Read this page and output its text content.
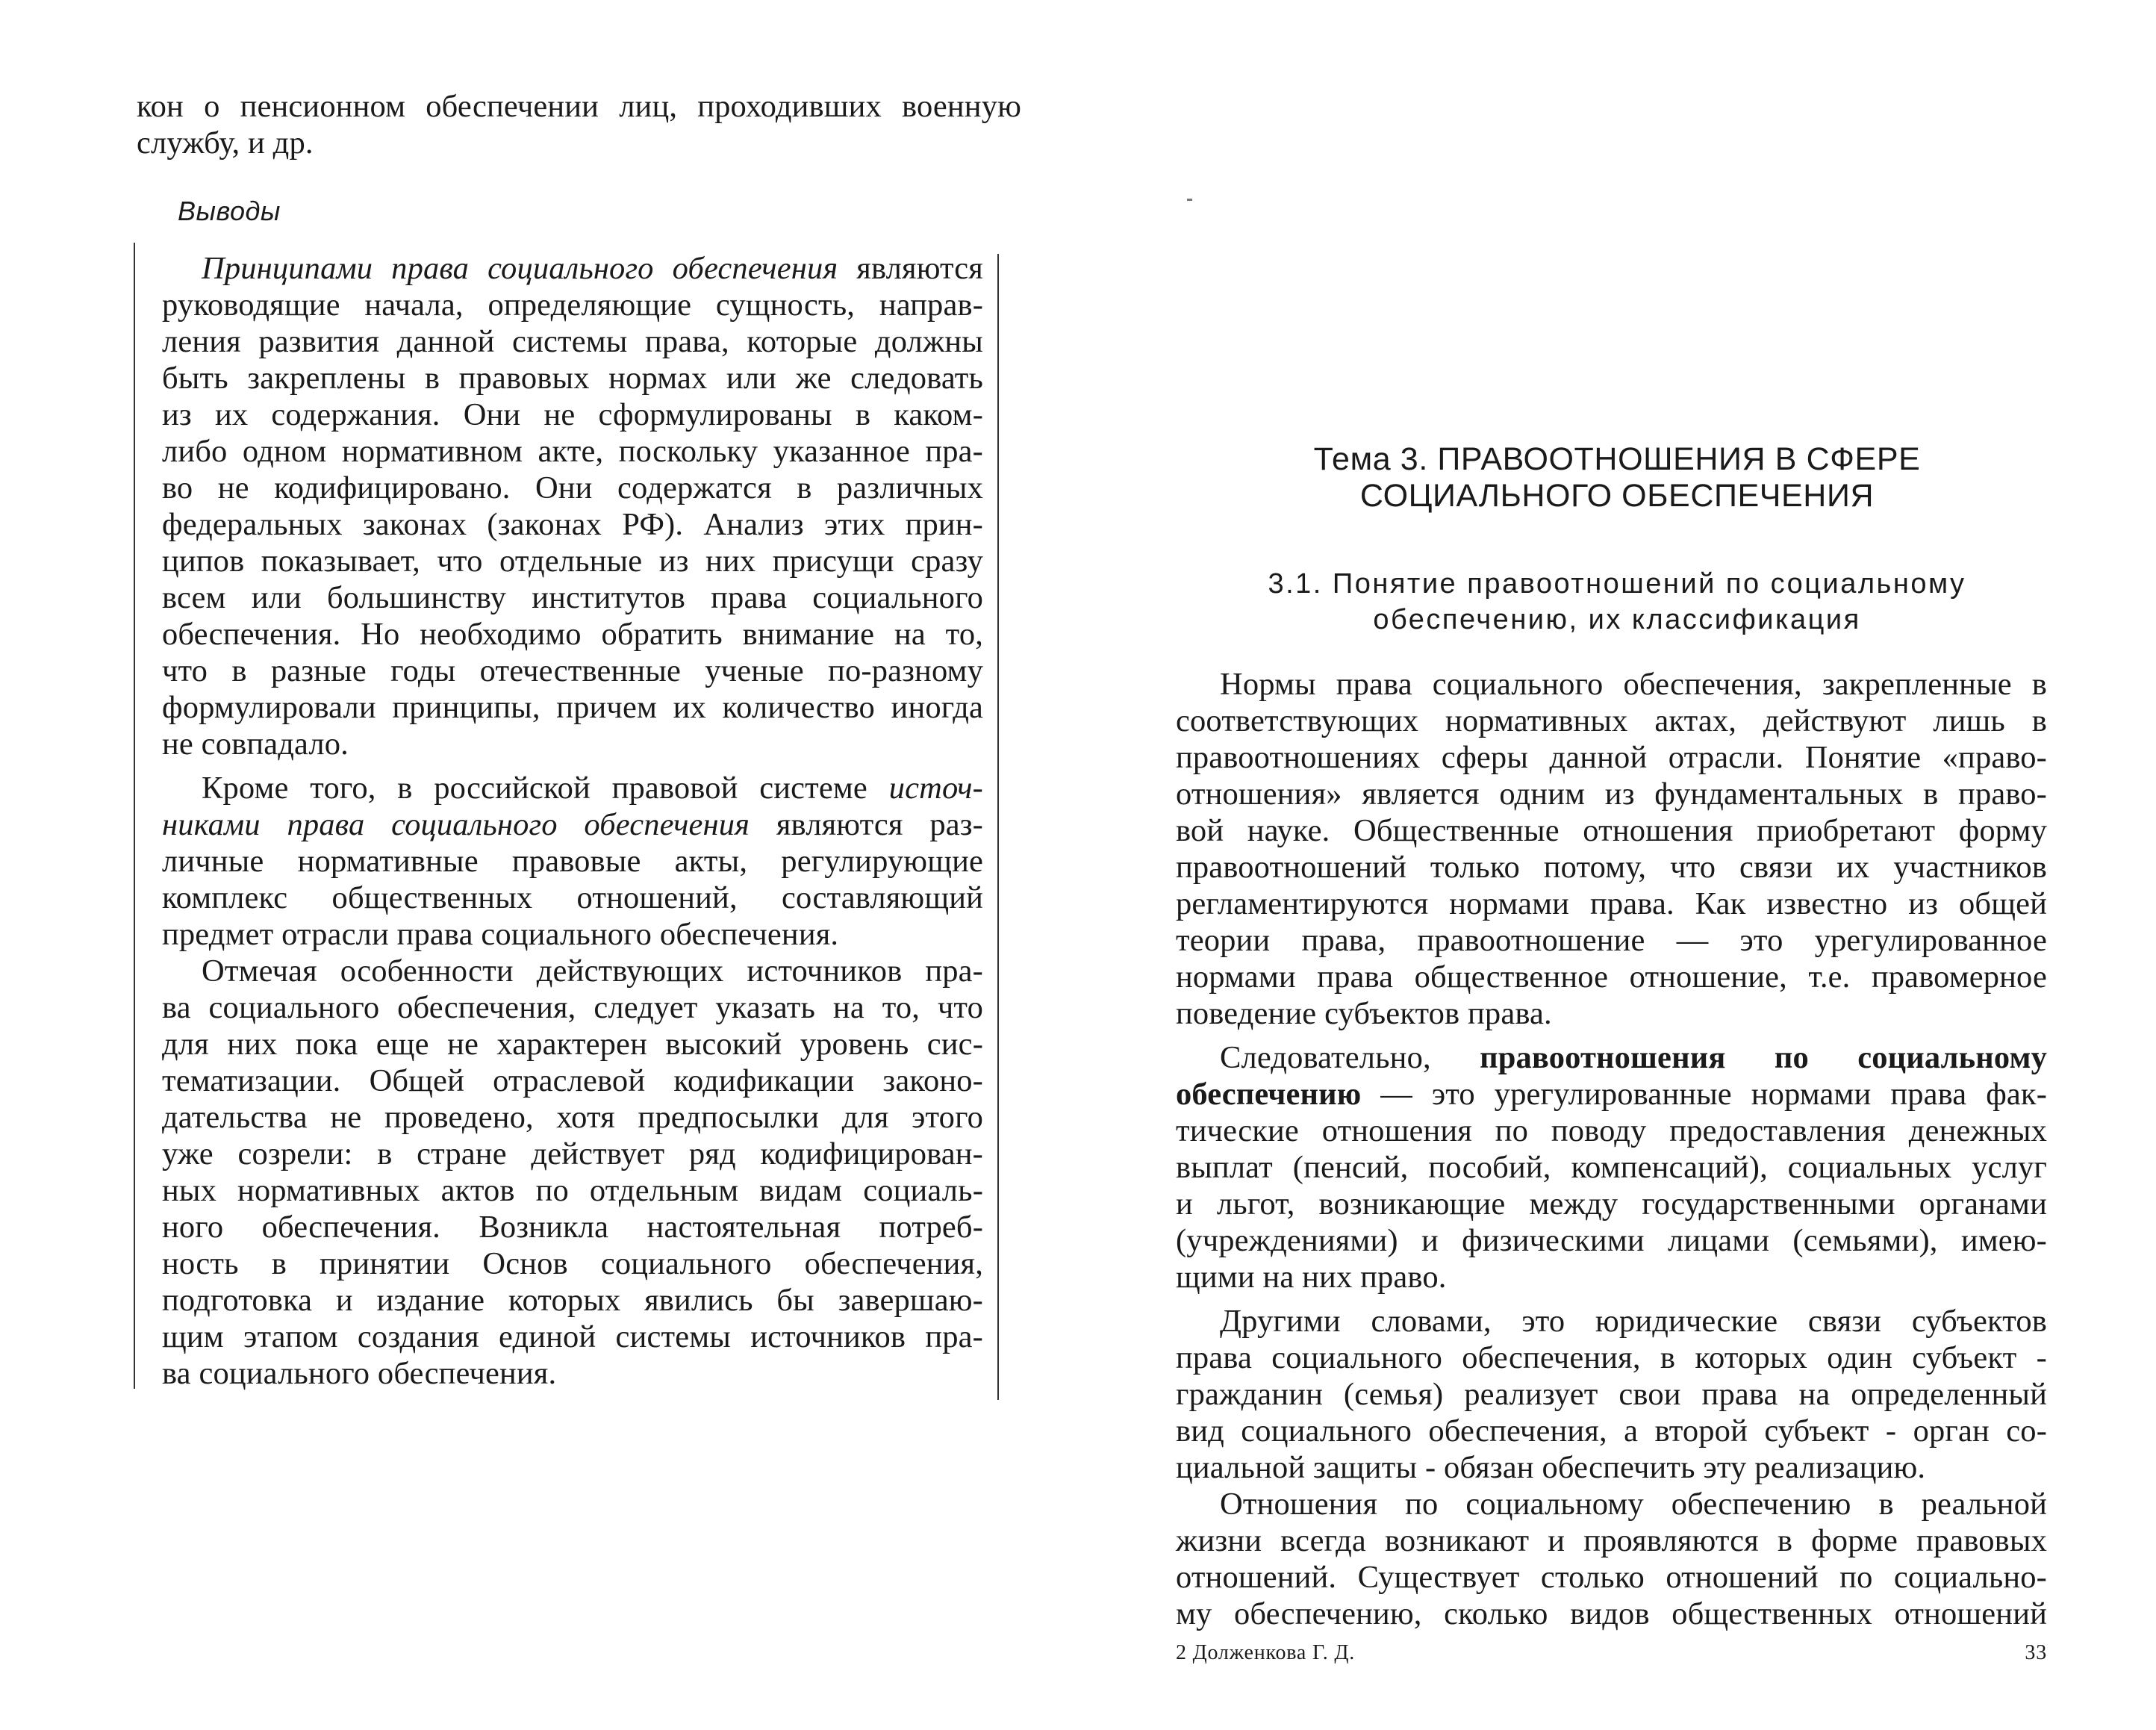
кон о пенсионном обеспечении лиц, проходивших военную
службу, и др.
Выводы
Принципами права социального обеспечения являются
руководящие начала, определяющие сущность, направ-
ления развития данной системы права, которые должны
быть закреплены в правовых нормах или же следовать
из их содержания. Они не сформулированы в каком-
либо одном нормативном акте, поскольку указанное пра-
во не кодифицировано. Они содержатся в различных
федеральных законах (законах РФ). Анализ этих прин-
ципов показывает, что отдельные из них присущи сразу
всем или большинству институтов права социального
обеспечения. Но необходимо обратить внимание на то,
что в разные годы отечественные ученые по-разному
формулировали принципы, причем их количество иногда
не совпадало.
Кроме того, в российской правовой системе источ-
никами права социального обеспечения являются раз-
личные нормативные правовые акты, регулирующие
комплекс общественных отношений, составляющий
предмет отрасли права социального обеспечения.
Отмечая особенности действующих источников пра-
ва социального обеспечения, следует указать на то, что
для них пока еще не характерен высокий уровень сис-
тематизации. Общей отраслевой кодификации законо-
дательства не проведено, хотя предпосылки для этого
уже созрели: в стране действует ряд кодифицирован-
ных нормативных актов по отдельным видам социаль-
ного обеспечения. Возникла настоятельная потреб-
ность в принятии Основ социального обеспечения,
подготовка и издание которых явились бы завершаю-
щим этапом создания единой системы источников пра-
ва социального обеспечения.
Тема 3. ПРАВООТНОШЕНИЯ В СФЕРЕ
СОЦИАЛЬНОГО ОБЕСПЕЧЕНИЯ
3.1. Понятие правоотношений по социальному
обеспечению, их классификация
Нормы права социального обеспечения, закрепленные в
соответствующих нормативных актах, действуют лишь в
правоотношениях сферы данной отрасли. Понятие «право-
отношения» является одним из фундаментальных в право-
вой науке. Общественные отношения приобретают форму
правоотношений только потому, что связи их участников
регламентируются нормами права. Как известно из общей
теории права, правоотношение — это урегулированное
нормами права общественное отношение, т.е. правомерное
поведение субъектов права.
Следовательно, правоотношения по социальному
обеспечению — это урегулированные нормами права фак-
тические отношения по поводу предоставления денежных
выплат (пенсий, пособий, компенсаций), социальных услуг
и льгот, возникающие между государственными органами
(учреждениями) и физическими лицами (семьями), имею-
щими на них право.
Другими словами, это юридические связи субъектов
права социального обеспечения, в которых один субъект -
гражданин (семья) реализует свои права на определенный
вид социального обеспечения, а второй субъект - орган со-
циальной защиты - обязан обеспечить эту реализацию.
Отношения по социальному обеспечению в реальной
жизни всегда возникают и проявляются в форме правовых
отношений. Существует столько отношений по социально-
му обеспечению, сколько видов общественных отношений
2 Долженкова Г. Д.	33
